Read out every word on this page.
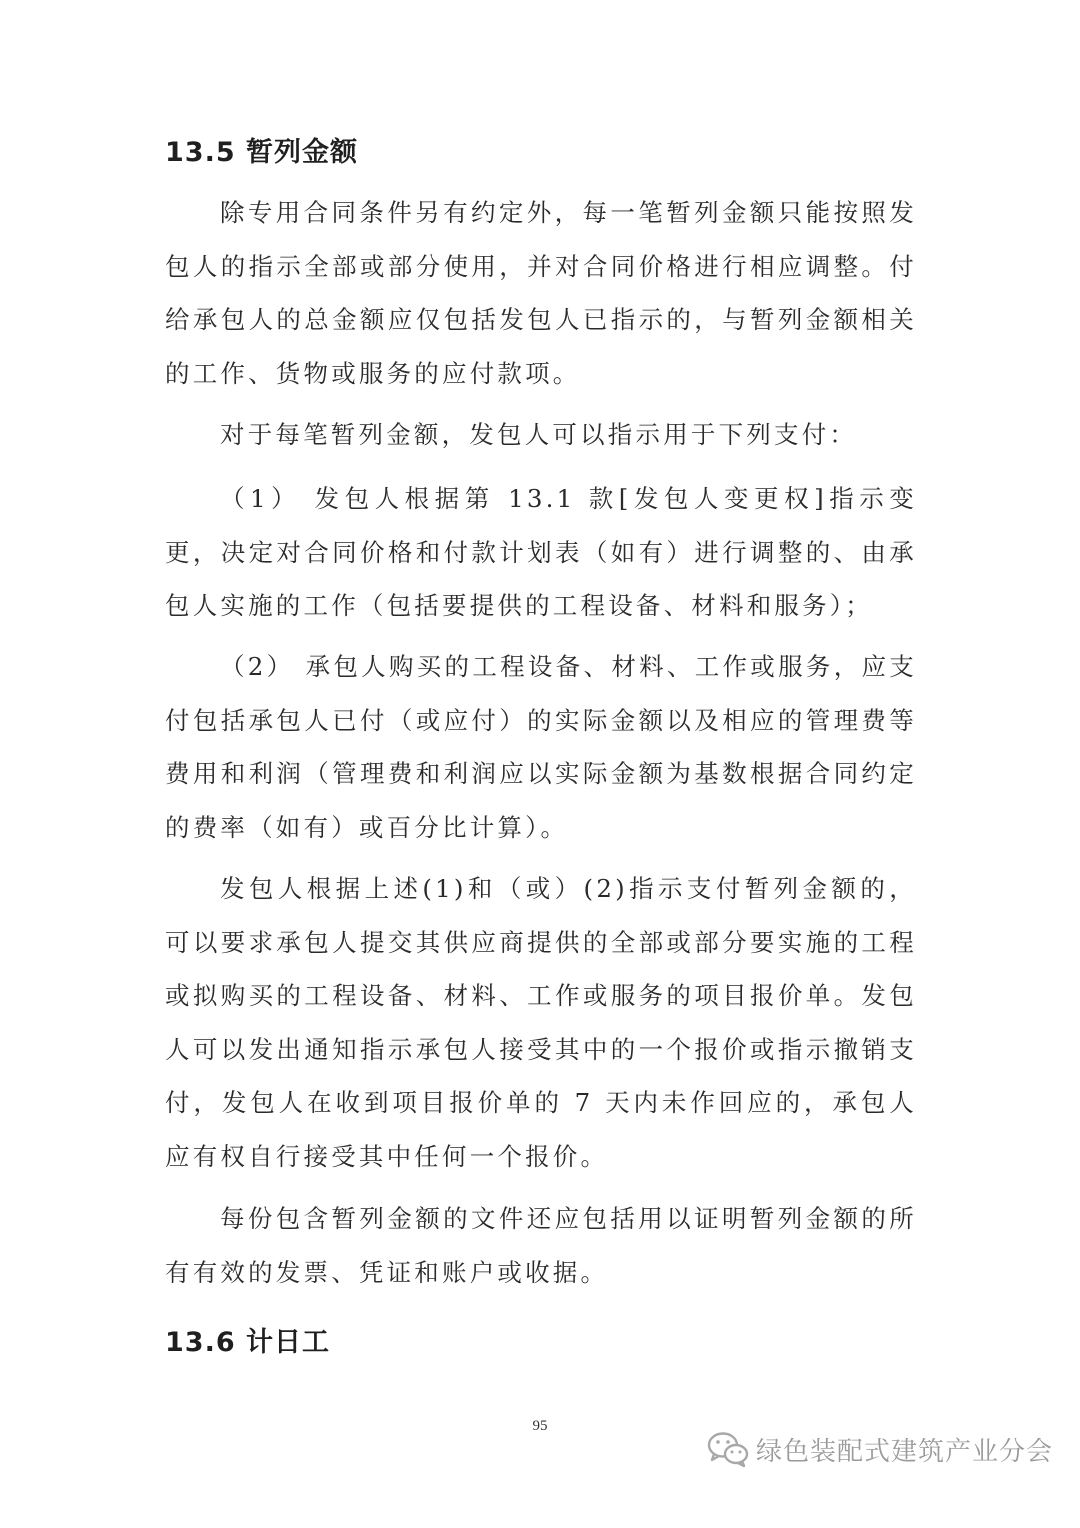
13.5 暂列金额

除专用合同条件另有约定外，每一笔暂列金额只能按照发包人的指示全部或部分使用，并对合同价格进行相应调整。付给承包人的总金额应仅包括发包人已指示的，与暂列金额相关的工作、货物或服务的应付款项。

对于每笔暂列金额，发包人可以指示用于下列支付：

（1） 发包人根据第 13.1 款[发包人变更权]指示变更，决定对合同价格和付款计划表（如有）进行调整的、由承包人实施的工作（包括要提供的工程设备、材料和服务）；

（2） 承包人购买的工程设备、材料、工作或服务，应支付包括承包人已付（或应付）的实际金额以及相应的管理费等费用和利润（管理费和利润应以实际金额为基数根据合同约定的费率（如有）或百分比计算）。

发包人根据上述(1)和（或）(2)指示支付暂列金额的，可以要求承包人提交其供应商提供的全部或部分要实施的工程或拟购买的工程设备、材料、工作或服务的项目报价单。发包人可以发出通知指示承包人接受其中的一个报价或指示撤销支付，发包人在收到项目报价单的 7 天内未作回应的，承包人应有权自行接受其中任何一个报价。

每份包含暂列金额的文件还应包括用以证明暂列金额的所有有效的发票、凭证和账户或收据。

13.6 计日工
95
绿色装配式建筑产业分会
